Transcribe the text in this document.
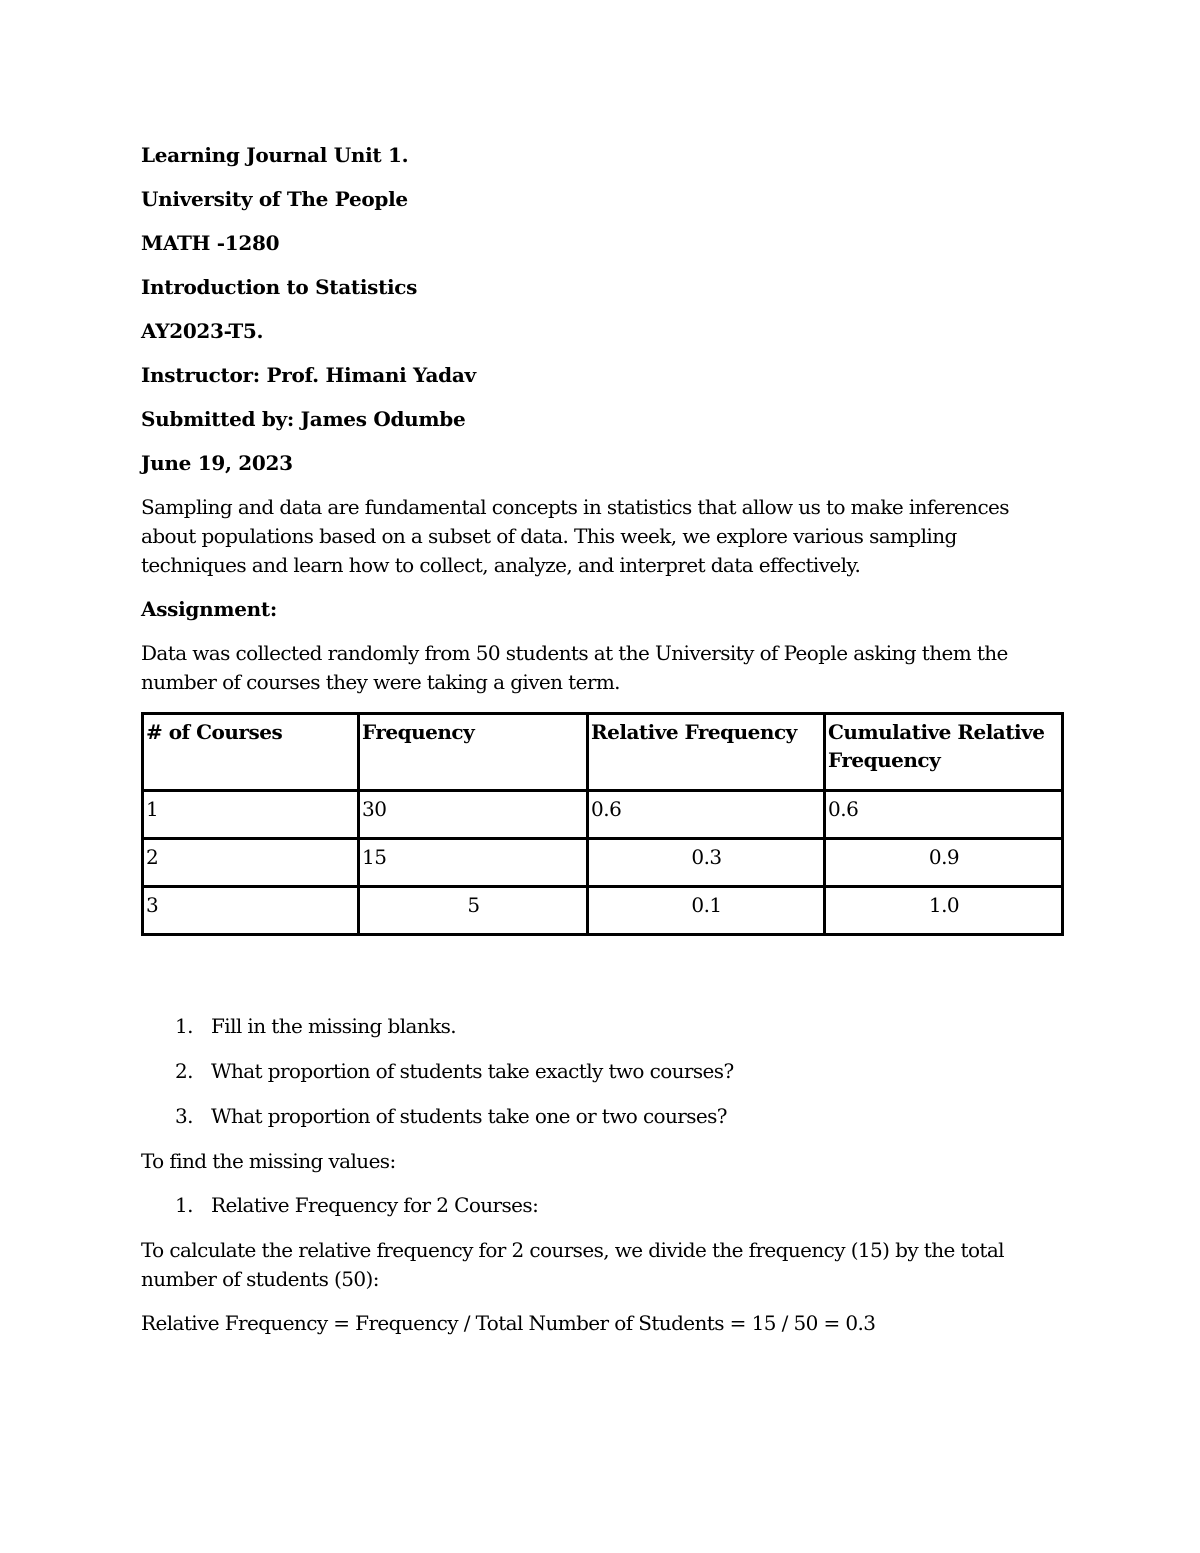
Learning Journal Unit 1.

University of The People

MATH -1280

Introduction to Statistics

AY2023-T5.

Instructor: Prof. Himani Yadav

Submitted by: James Odumbe

June 19, 2023

Sampling and data are fundamental concepts in statistics that allow us to make inferences about populations based on a subset of data. This week, we explore various sampling techniques and learn how to collect, analyze, and interpret data effectively.

Assignment:

Data was collected randomly from 50 students at the University of People asking them the number of courses they were taking a given term.

# of Courses	Frequency	Relative Frequency	Cumulative Relative Frequency
1	30	0.6	0.6
2	15	0.3	0.9
3	5	0.1	1.0
1. Fill in the missing blanks.
2. What proportion of students take exactly two courses?
3. What proportion of students take one or two courses?

To find the missing values:

1. Relative Frequency for 2 Courses:

To calculate the relative frequency for 2 courses, we divide the frequency (15) by the total number of students (50):

Relative Frequency = Frequency / Total Number of Students = 15 / 50 = 0.3
